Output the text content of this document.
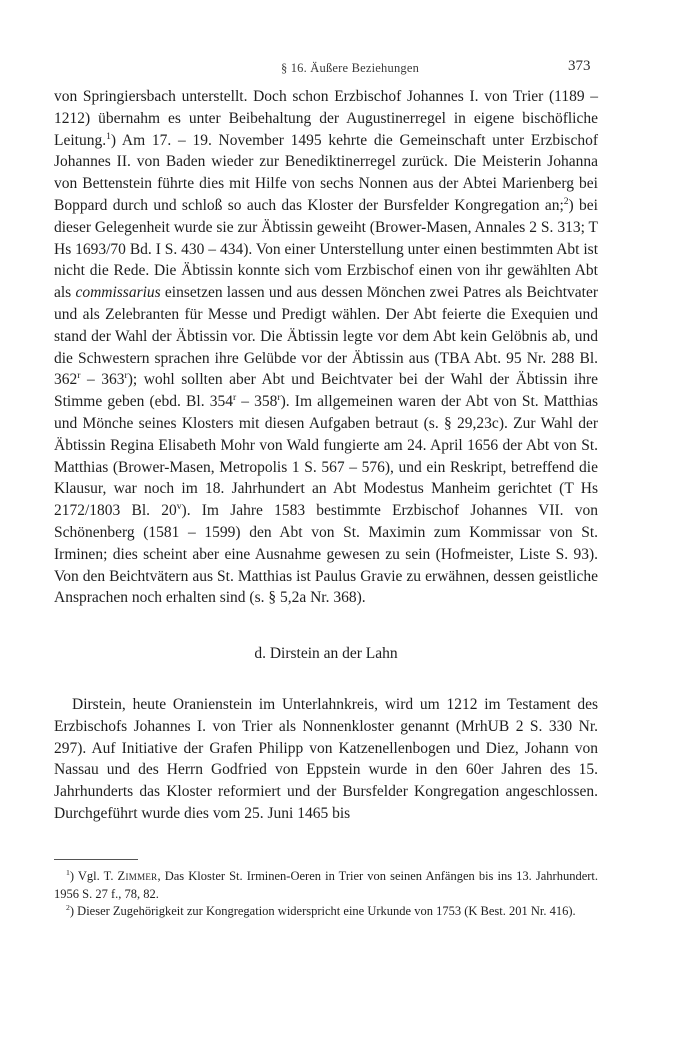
§ 16. Äußere Beziehungen	373

von Springiersbach unterstellt. Doch schon Erzbischof Johannes I. von Trier (1189 – 1212) übernahm es unter Beibehaltung der Augustinerregel in eigene bischöfliche Leitung.$^1$) Am 17. – 19. November 1495 kehrte die Gemeinschaft unter Erzbischof Johannes II. von Baden wieder zur Benediktinerregel zurück. Die Meisterin Johanna von Bettenstein führte dies mit Hilfe von sechs Nonnen aus der Abtei Marienberg bei Boppard durch und schloß so auch das Kloster der Bursfelder Kongregation an;$^2$) bei dieser Gelegenheit wurde sie zur Äbtissin geweiht (Brower-Masen, Annales 2 S. 313; T Hs 1693/70 Bd. I S. 430 – 434). Von einer Unterstellung unter einen bestimmten Abt ist nicht die Rede. Die Äbtissin konnte sich vom Erzbischof einen von ihr gewählten Abt als commissarius einsetzen lassen und aus dessen Mönchen zwei Patres als Beichtvater und als Zelebranten für Messe und Predigt wählen. Der Abt feierte die Exequien und stand der Wahl der Äbtissin vor. Die Äbtissin legte vor dem Abt kein Gelöbnis ab, und die Schwestern sprachen ihre Gelübde vor der Äbtissin aus (TBA Abt. 95 Nr. 288 Bl. 362$^r$ – 363$^r$); wohl sollten aber Abt und Beichtvater bei der Wahl der Äbtissin ihre Stimme geben (ebd. Bl. 354$^r$ – 358$^r$). Im allgemeinen waren der Abt von St. Matthias und Mönche seines Klosters mit diesen Aufgaben betraut (s. § 29,23c). Zur Wahl der Äbtissin Regina Elisabeth Mohr von Wald fungierte am 24. April 1656 der Abt von St. Matthias (Brower-Masen, Metropolis 1 S. 567 – 576), und ein Reskript, betreffend die Klausur, war noch im 18. Jahrhundert an Abt Modestus Manheim gerichtet (T Hs 2172/1803 Bl. 20$^v$). Im Jahre 1583 bestimmte Erzbischof Johannes VII. von Schönenberg (1581 – 1599) den Abt von St. Maximin zum Kommissar von St. Irminen; dies scheint aber eine Ausnahme gewesen zu sein (Hofmeister, Liste S. 93). Von den Beichtvätern aus St. Matthias ist Paulus Gravie zu erwähnen, dessen geistliche Ansprachen noch erhalten sind (s. § 5,2a Nr. 368).

d. Dirstein an der Lahn

Dirstein, heute Oranienstein im Unterlahnkreis, wird um 1212 im Testament des Erzbischofs Johannes I. von Trier als Nonnenkloster genannt (MrhUB 2 S. 330 Nr. 297). Auf Initiative der Grafen Philipp von Katzenellenbogen und Diez, Johann von Nassau und des Herrn Godfried von Eppstein wurde in den 60er Jahren des 15. Jahrhunderts das Kloster reformiert und der Bursfelder Kongregation angeschlossen. Durchgeführt wurde dies vom 25. Juni 1465 bis

$^1$) Vgl. T. Zimmer, Das Kloster St. Irminen-Oeren in Trier von seinen Anfängen bis ins 13. Jahrhundert. 1956 S. 27 f., 78, 82.

$^2$) Dieser Zugehörigkeit zur Kongregation widerspricht eine Urkunde von 1753 (K Best. 201 Nr. 416).
